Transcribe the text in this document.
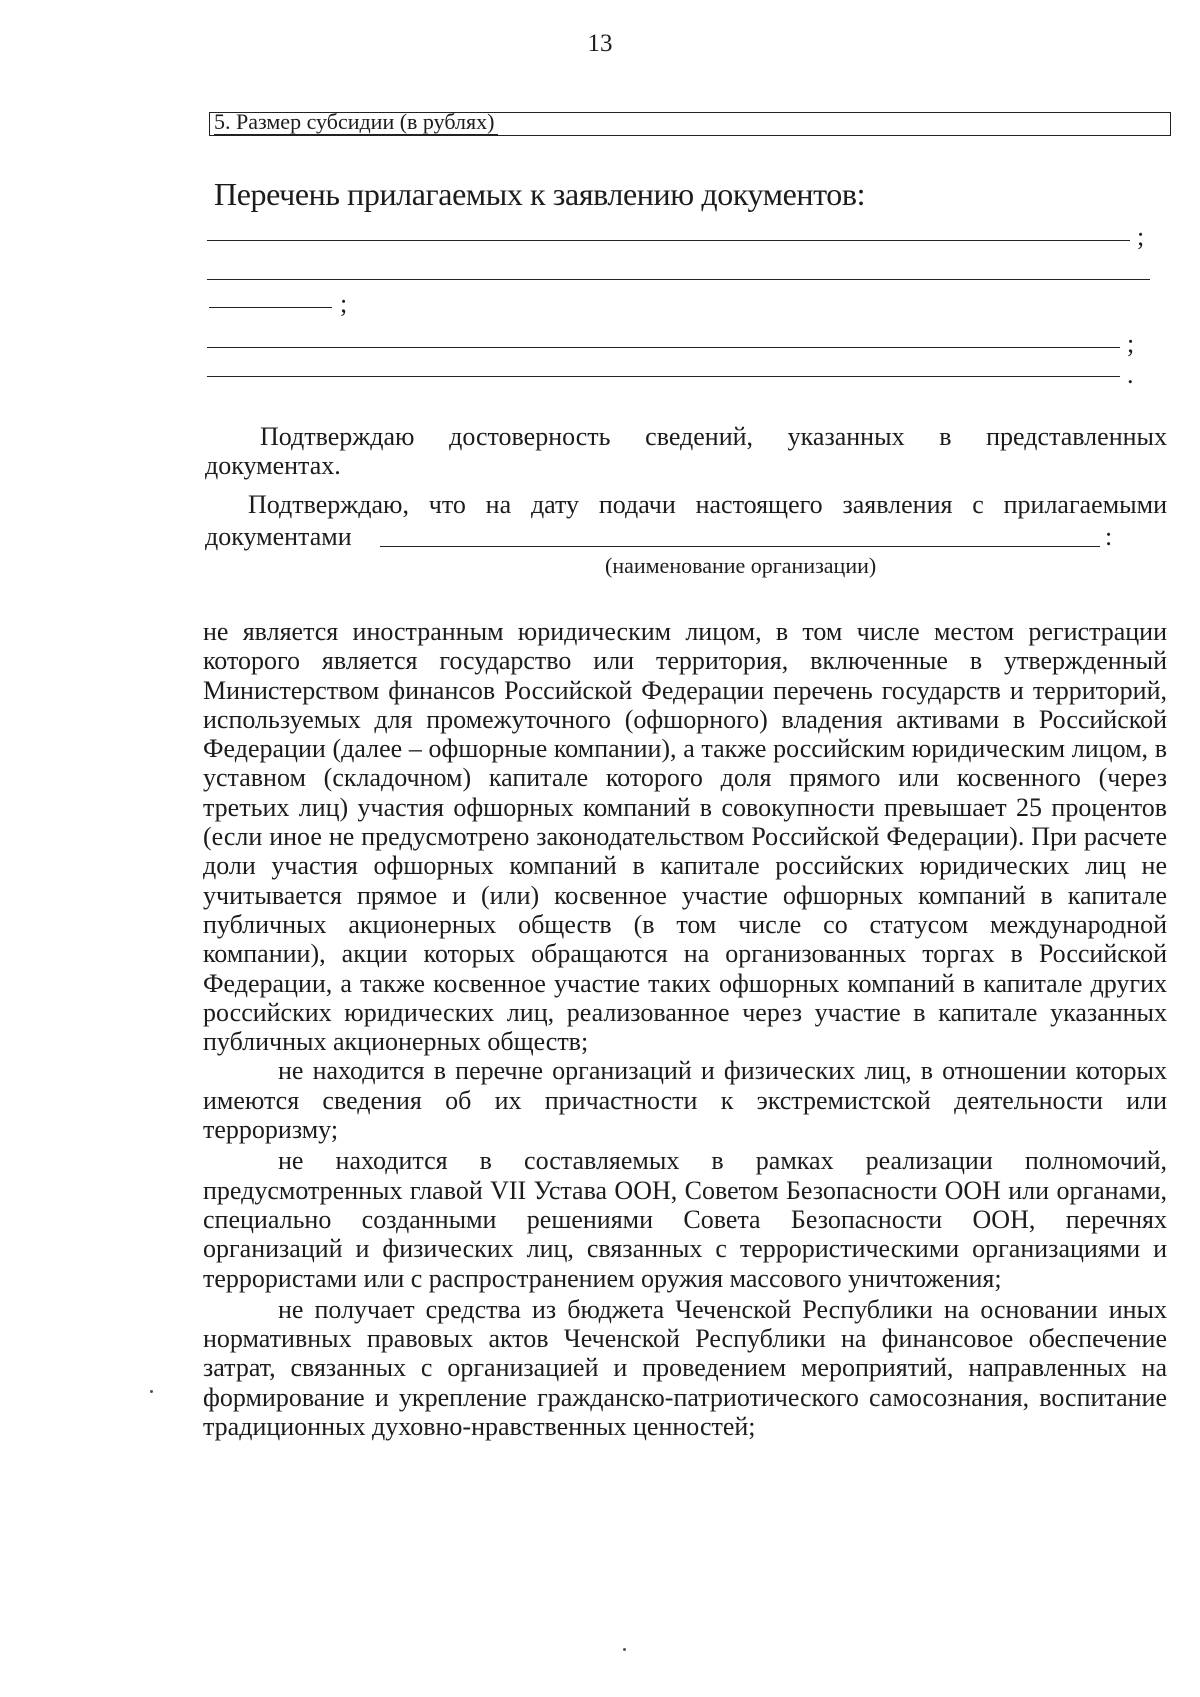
13
5. Размер субсидии (в рублях)
Перечень прилагаемых к заявлению документов:
;
;
;
.
Подтверждаю достоверность сведений, указанных в представленных документах.
Подтверждаю, что на дату подачи настоящего заявления с прилагаемыми
документами	:
(наименование организации)

не является иностранным юридическим лицом, в том числе местом регистрации которого является государство или территория, включенные в утвержденный Министерством финансов Российской Федерации перечень государств и территорий, используемых для промежуточного (офшорного) владения активами в Российской Федерации (далее – офшорные компании), а также российским юридическим лицом, в уставном (складочном) капитале которого доля прямого или косвенного (через третьих лиц) участия офшорных компаний в совокупности превышает 25 процентов (если иное не предусмотрено законодательством Российской Федерации). При расчете доли участия офшорных компаний в капитале российских юридических лиц не учитывается прямое и (или) косвенное участие офшорных компаний в капитале публичных акционерных обществ (в том числе со статусом международной компании), акции которых обращаются на организованных торгах в Российской Федерации, а также косвенное участие таких офшорных компаний в капитале других российских юридических лиц, реализованное через участие в капитале указанных публичных акционерных обществ;

не находится в перечне организаций и физических лиц, в отношении которых имеются сведения об их причастности к экстремистской деятельности или терроризму;

не находится в составляемых в рамках реализации полномочий, предусмотренных главой VII Устава ООН, Советом Безопасности ООН или органами, специально созданными решениями Совета Безопасности ООН, перечнях организаций и физических лиц, связанных с террористическими организациями и террористами или с распространением оружия массового уничтожения;

не получает средства из бюджета Чеченской Республики на основании иных нормативных правовых актов Чеченской Республики на финансовое обеспечение затрат, связанных с организацией и проведением мероприятий, направленных на формирование и укрепление гражданско-патриотического самосознания, воспитание традиционных духовно-нравственных ценностей;
